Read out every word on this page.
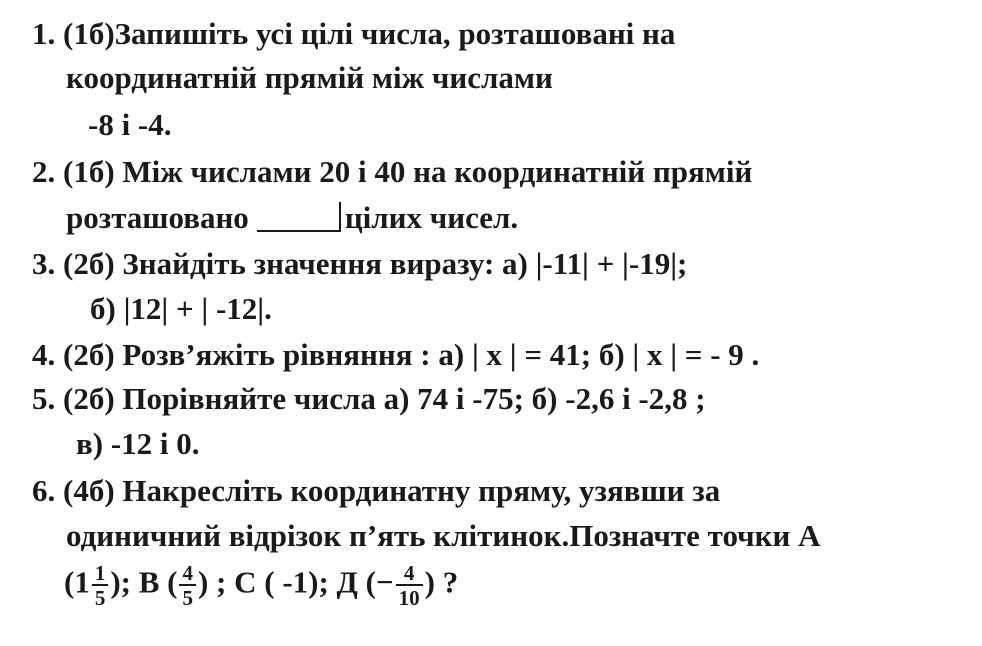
1. (1б)Запишіть усі цілі числа, розташовані на
координатній прямій між числами
-8 і -4.
2. (1б) Між числами 20 і 40 на координатній прямій
розташовано	цілих чисел.
3. (2б) Знайдіть значення виразу: а) |-11| + |-19|;
б) |12| + | -12|.
4. (2б) Розв’яжіть рівняння : а) | х | = 41; б) | х | = - 9 .
5. (2б) Порівняйте числа а) 74 і -75; б) -2,6 і -2,8 ;
в) -12 і 0.
6. (4б) Накресліть координатну пряму, узявши за
одиничний відрізок п’ять клітинок.Позначте точки А
($1 \frac{1}{5}$ ); В ( $\frac{4}{5}$ ) ; С ( -1); Д (− $\frac{4}{10}$ ) ?
